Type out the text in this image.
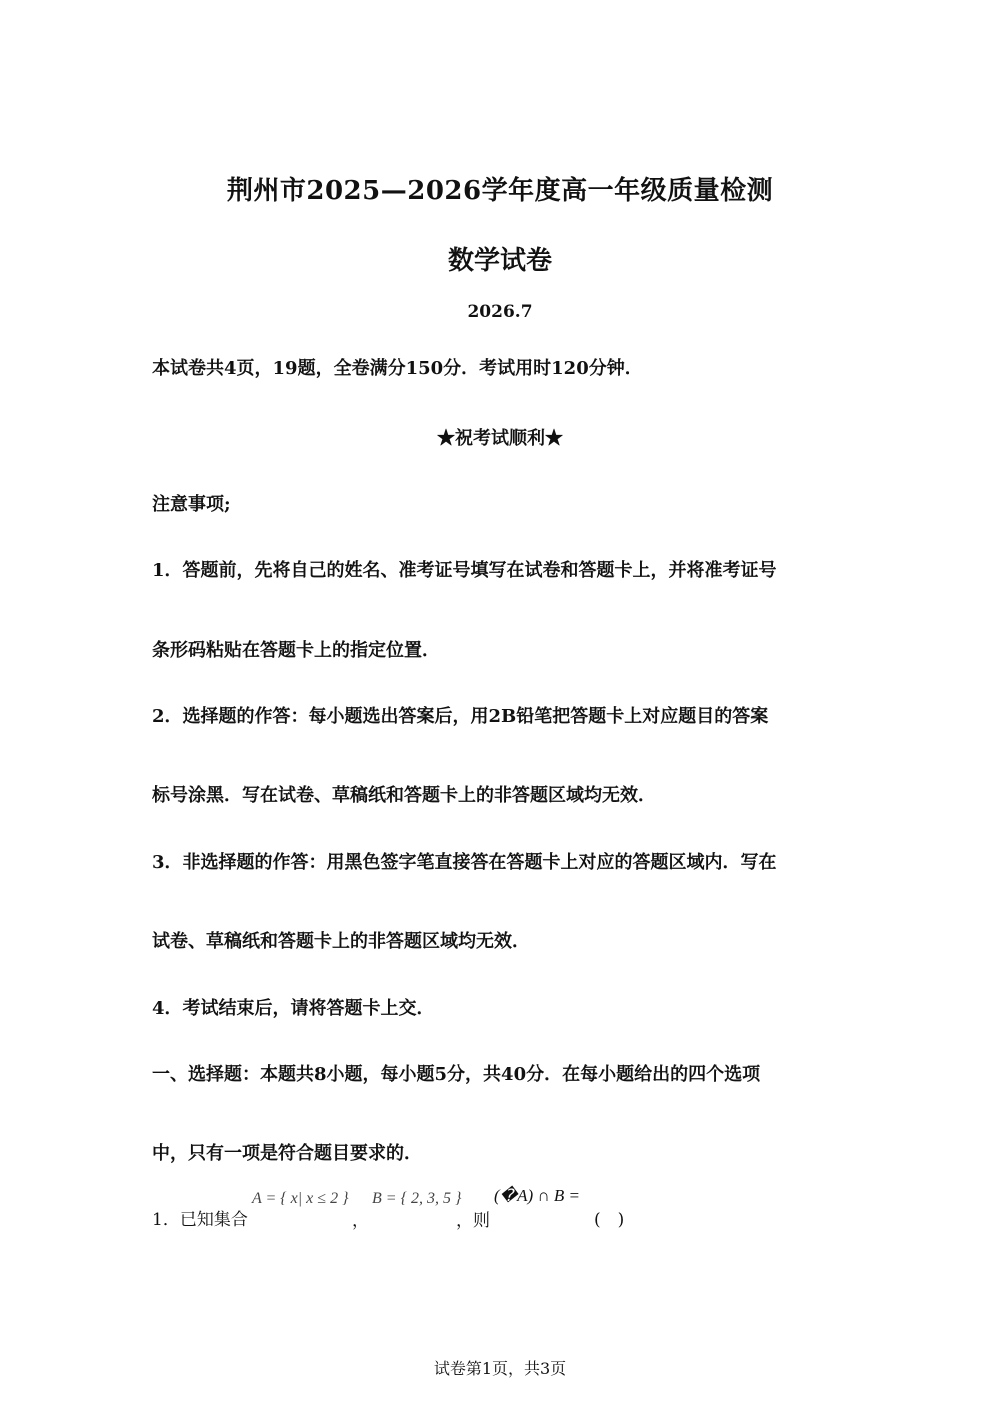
荆州市2025—2026学年度高一年级质量检测
数学试卷
2026.7
本试卷共4页，19题，全卷满分150分．考试用时120分钟．
★祝考试顺利★
注意事项;
1．答题前，先将自己的姓名、准考证号填写在试卷和答题卡上，并将准考证号
条形码粘贴在答题卡上的指定位置．
2．选择题的作答：每小题选出答案后，用2B铅笔把答题卡上对应题目的答案
标号涂黑．写在试卷、草稿纸和答题卡上的非答题区域均无效．
3．非选择题的作答：用黑色签字笔直接答在答题卡上对应的答题区域内．写在
试卷、草稿纸和答题卡上的非答题区域均无效．
4．考试结束后，请将答题卡上交．
一、选择题：本题共8小题，每小题5分，共40分．在每小题给出的四个选项
中，只有一项是符合题目要求的．
1．已知集合
A = { x| x ≤ 2 }
，
B = { 2, 3, 5 }
，则
(�A) ∩ B =
(　)
试卷第1页，共3页
